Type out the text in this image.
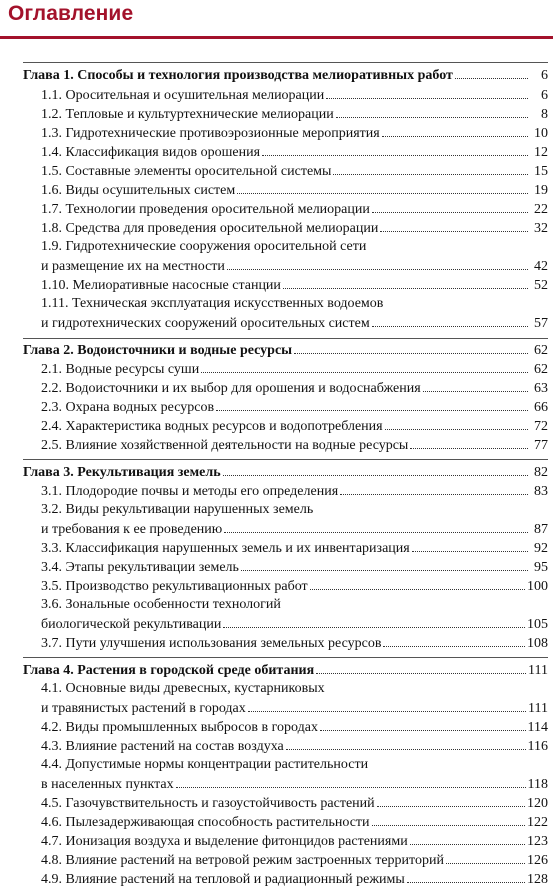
Оглавление
Глава 1. Способы и технология производства мелиоративных работ	6
1.1. Оросительная и осушительная мелиорации	6
1.2. Тепловые и культуртехнические мелиорации	8
1.3. Гидротехнические противоэрозионные мероприятия	10
1.4. Классификация видов орошения	12
1.5. Составные элементы оросительной системы	15
1.6. Виды осушительных систем	19
1.7. Технологии проведения оросительной мелиорации	22
1.8. Средства для проведения оросительной мелиорации	32
1.9. Гидротехнические сооружения оросительной сети
и размещение их на местности	42
1.10. Мелиоративные насосные станции	52
1.11. Техническая эксплуатация искусственных водоемов
и гидротехнических сооружений оросительных систем	57
Глава 2. Водоисточники и водные ресурсы	62
2.1. Водные ресурсы суши	62
2.2. Водоисточники и их выбор для орошения и водоснабжения	63
2.3. Охрана водных ресурсов	66
2.4. Характеристика водных ресурсов и водопотребления	72
2.5. Влияние хозяйственной деятельности на водные ресурсы	77
Глава 3. Рекультивация земель	82
3.1. Плодородие почвы и методы его определения	83
3.2. Виды рекультивации нарушенных земель
и требования к ее проведению	87
3.3. Классификация нарушенных земель и их инвентаризация	92
3.4. Этапы рекультивации земель	95
3.5. Производство рекультивационных работ	100
3.6. Зональные особенности технологий
биологической рекультивации	105
3.7. Пути улучшения использования земельных ресурсов	108
Глава 4. Растения в городской среде обитания	111
4.1. Основные виды древесных, кустарниковых
и травянистых растений в городах	111
4.2. Виды промышленных выбросов в городах	114
4.3. Влияние растений на состав воздуха	116
4.4. Допустимые нормы концентрации растительности
в населенных пунктах	118
4.5. Газочувствительность и газоустойчивость растений	120
4.6. Пылезадерживающая способность растительности	122
4.7. Ионизация воздуха и выделение фитонцидов растениями	123
4.8. Влияние растений на ветровой режим застроенных территорий	126
4.9. Влияние растений на тепловой и радиационный режимы	128
